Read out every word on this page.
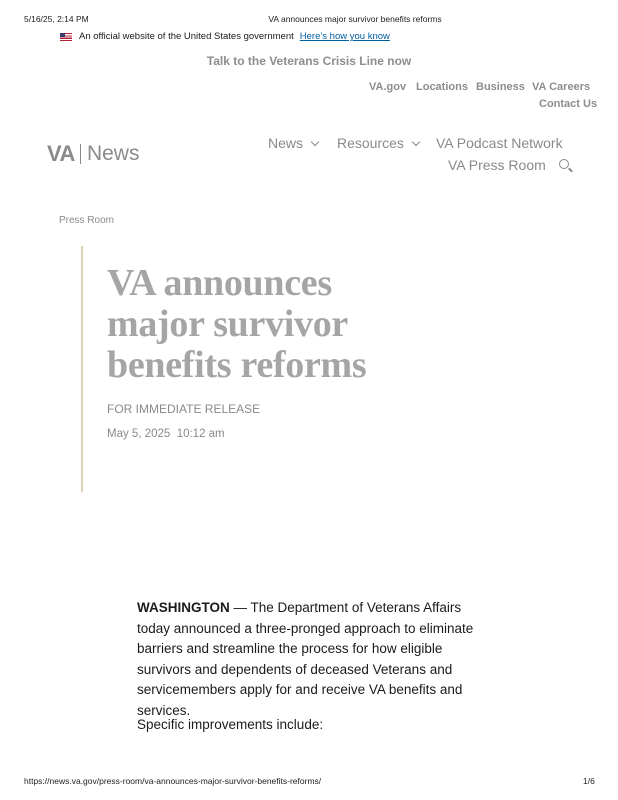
5/16/25, 2:14 PM	VA announces major survivor benefits reforms
An official website of the United States government Here’s how you know
Talk to the Veterans Crisis Line now
VA.gov Locations Business VA Careers
Contact Us
VA News	News Resources VA Podcast Network
VA Press Room
Press Room
VA announces
major survivor
benefits reforms
FOR IMMEDIATE RELEASE
May 5, 2025 10:12 am

WASHINGTON — The Department of Veterans Affairs today announced a three-pronged approach to eliminate barriers and streamline the process for how eligible survivors and dependents of deceased Veterans and servicemembers apply for and receive VA benefits and services.

Specific improvements include:

https://news.va.gov/press-room/va-announces-major-survivor-benefits-reforms/	1/6
